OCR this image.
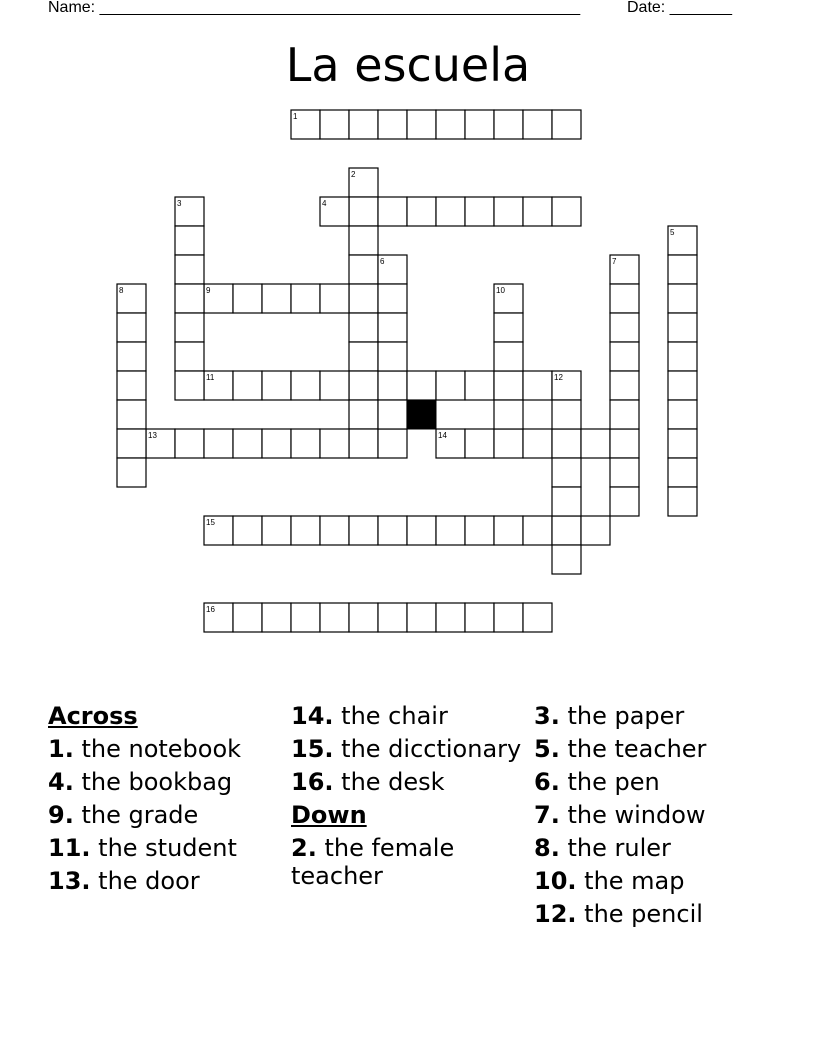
Name: ______________________________________________________	Date: _______
La escuela
1
2
3	4
5
6	7
8	9	10
11	12
13	14
15
16
Across
1. the notebook
4. the bookbag
9. the grade
11. the student
13. the door
14. the chair
15. the dicctionary
16. the desk
Down
2. the female teacher
3. the paper
5. the teacher
6. the pen
7. the window
8. the ruler
10. the map
12. the pencil
